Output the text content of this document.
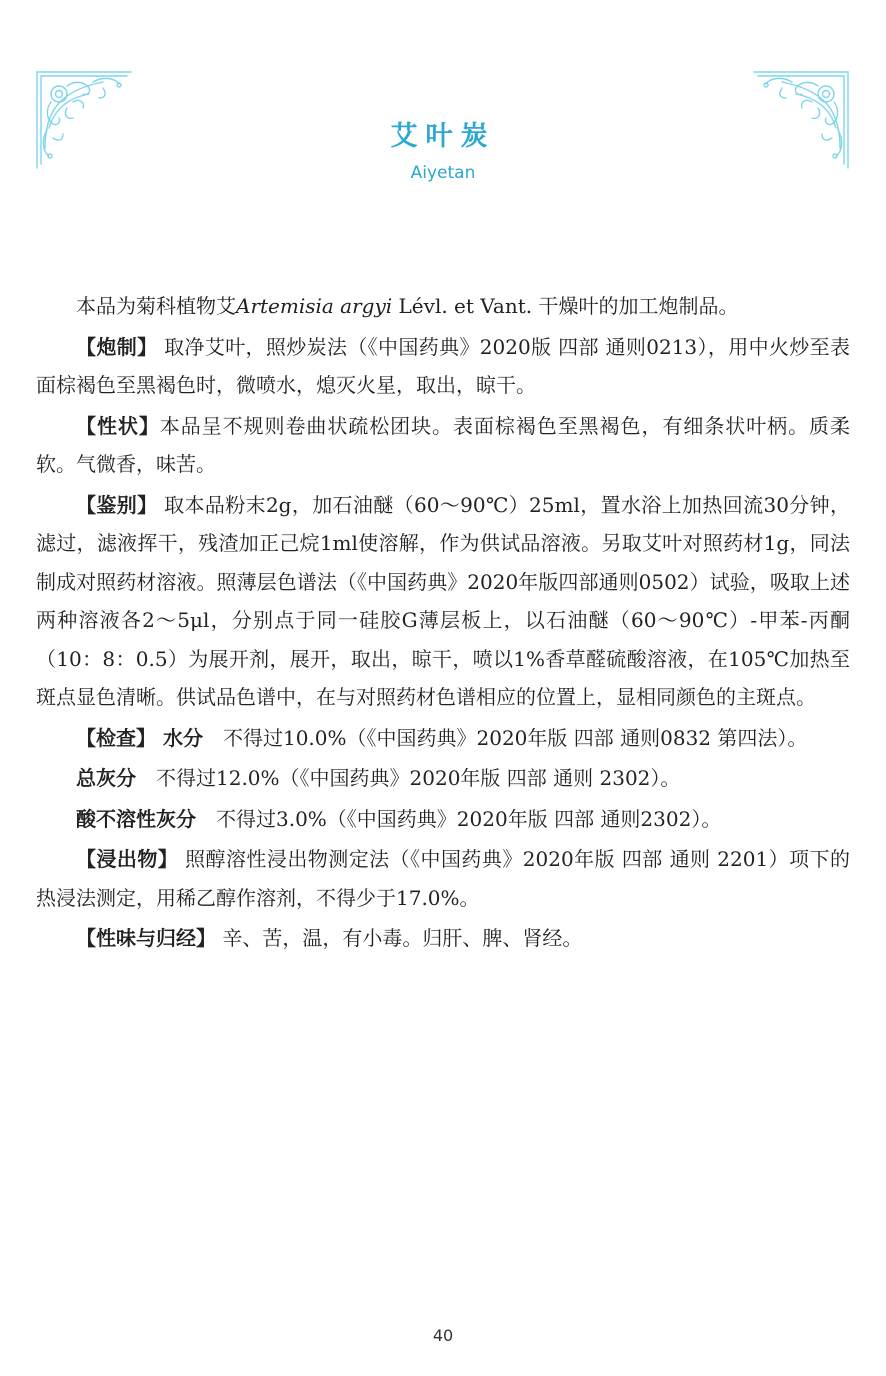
艾叶炭
Aiyetan

本品为菊科植物艾Artemisia argyi Lévl. et Vant. 干燥叶的加工炮制品。

【炮制】 取净艾叶，照炒炭法（《中国药典》2020版 四部 通则0213），用中火炒至表面棕褐色至黑褐色时，微喷水，熄灭火星，取出，晾干。

【性状】本品呈不规则卷曲状疏松团块。表面棕褐色至黑褐色，有细条状叶柄。质柔软。气微香，味苦。

【鉴别】 取本品粉末2g，加石油醚（60～90℃）25ml，置水浴上加热回流30分钟，滤过，滤液挥干，残渣加正己烷1ml使溶解，作为供试品溶液。另取艾叶对照药材1g，同法制成对照药材溶液。照薄层色谱法（《中国药典》2020年版四部通则0502）试验，吸取上述两种溶液各2～5μl，分别点于同一硅胶G薄层板上，以石油醚（60～90℃）-甲苯-丙酮（10：8：0.5）为展开剂，展开，取出，晾干，喷以1%香草醛硫酸溶液，在105℃加热至斑点显色清晰。供试品色谱中，在与对照药材色谱相应的位置上，显相同颜色的主斑点。

【检查】 水分　不得过10.0%（《中国药典》2020年版 四部 通则0832 第四法）。

总灰分　不得过12.0%（《中国药典》2020年版 四部 通则 2302）。

酸不溶性灰分　不得过3.0%（《中国药典》2020年版 四部 通则2302）。

【浸出物】 照醇溶性浸出物测定法（《中国药典》2020年版 四部 通则 2201）项下的热浸法测定，用稀乙醇作溶剂，不得少于17.0%。

【性味与归经】 辛、苦，温，有小毒。归肝、脾、肾经。

40
